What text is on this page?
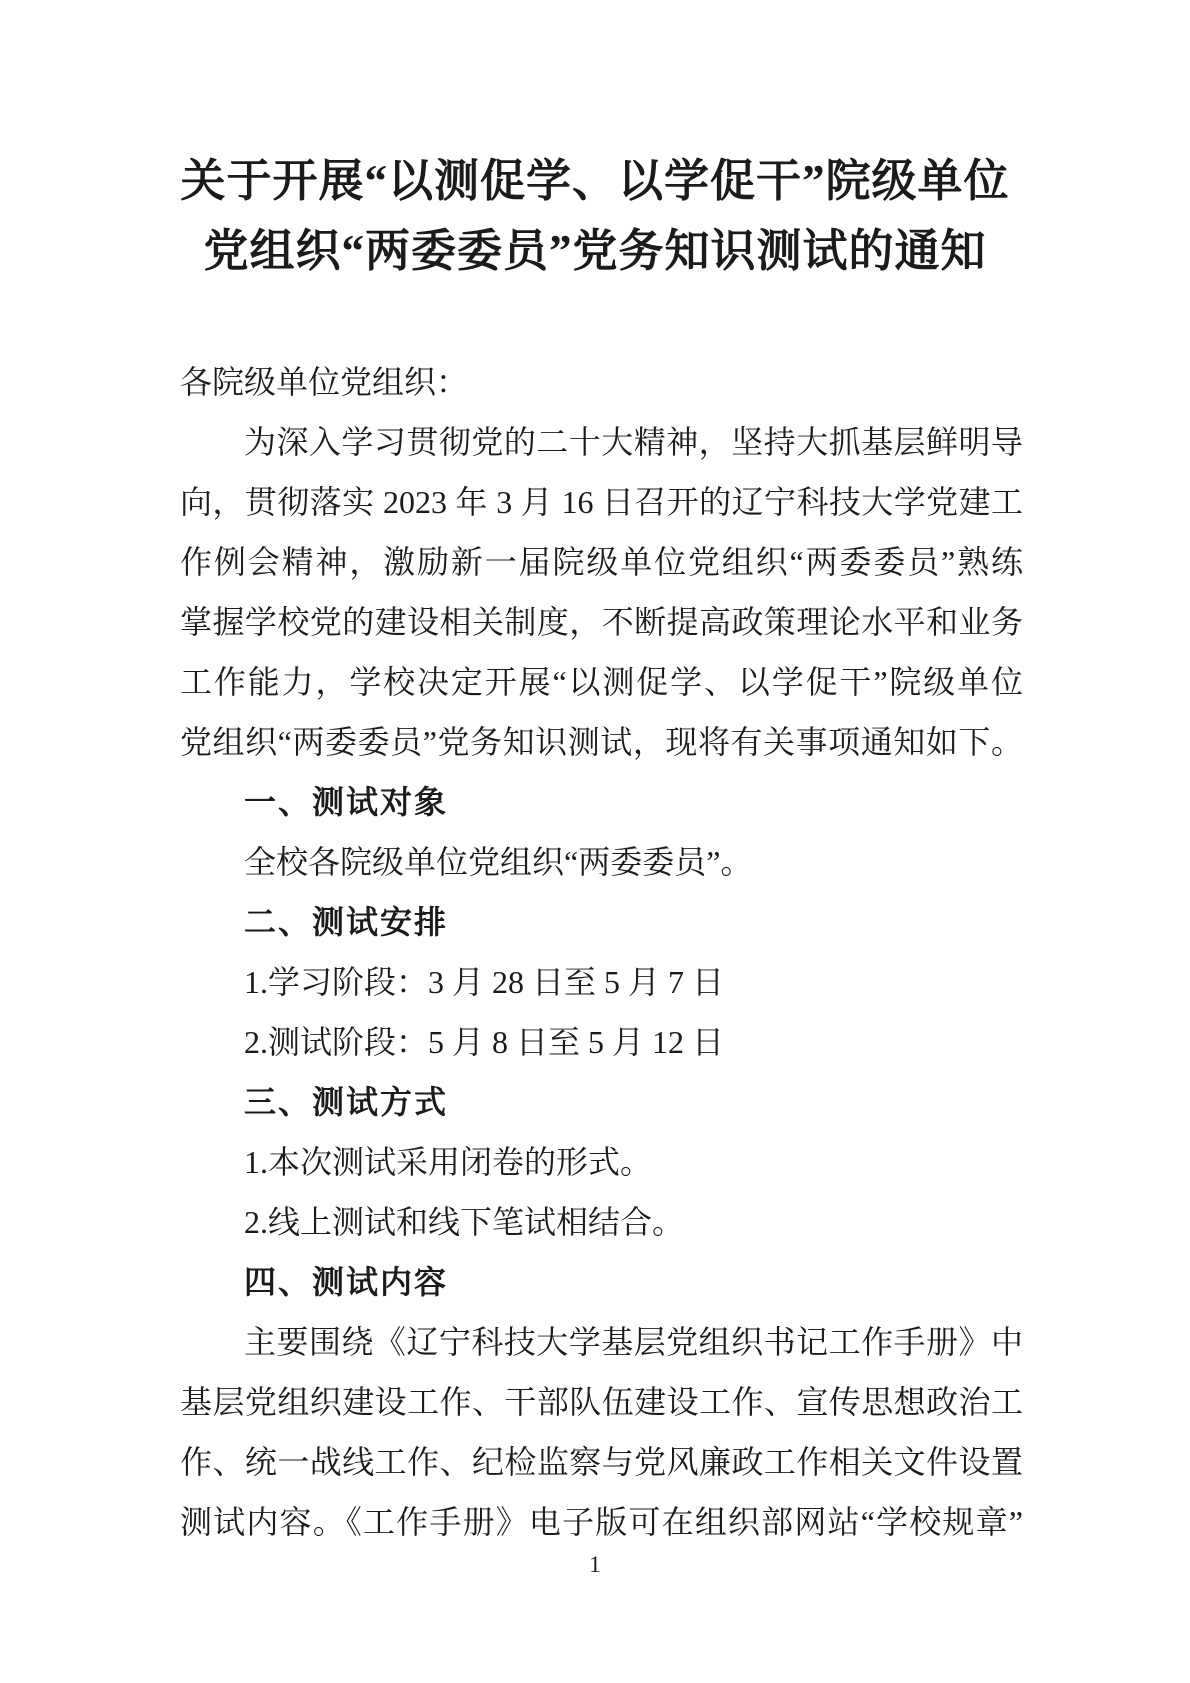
关于开展“以测促学、以学促干”院级单位
党组织“两委委员”党务知识测试的通知
各院级单位党组织：
为深入学习贯彻党的二十大精神，坚持大抓基层鲜明导
向，贯彻落实 2023 年 3 月 16 日召开的辽宁科技大学党建工
作例会精神，激励新一届院级单位党组织“两委委员”熟练
掌握学校党的建设相关制度，不断提高政策理论水平和业务
工作能力，学校决定开展“以测促学、以学促干”院级单位
党组织“两委委员”党务知识测试，现将有关事项通知如下。
一、测试对象
全校各院级单位党组织“两委委员”。
二、测试安排
1.学习阶段：3 月 28 日至 5 月 7 日
2.测试阶段：5 月 8 日至 5 月 12 日
三、测试方式
1.本次测试采用闭卷的形式。
2.线上测试和线下笔试相结合。
四、测试内容
主要围绕《辽宁科技大学基层党组织书记工作手册》中
基层党组织建设工作、干部队伍建设工作、宣传思想政治工
作、统一战线工作、纪检监察与党风廉政工作相关文件设置
测试内容。《工作手册》电子版可在组织部网站“学校规章”
1
